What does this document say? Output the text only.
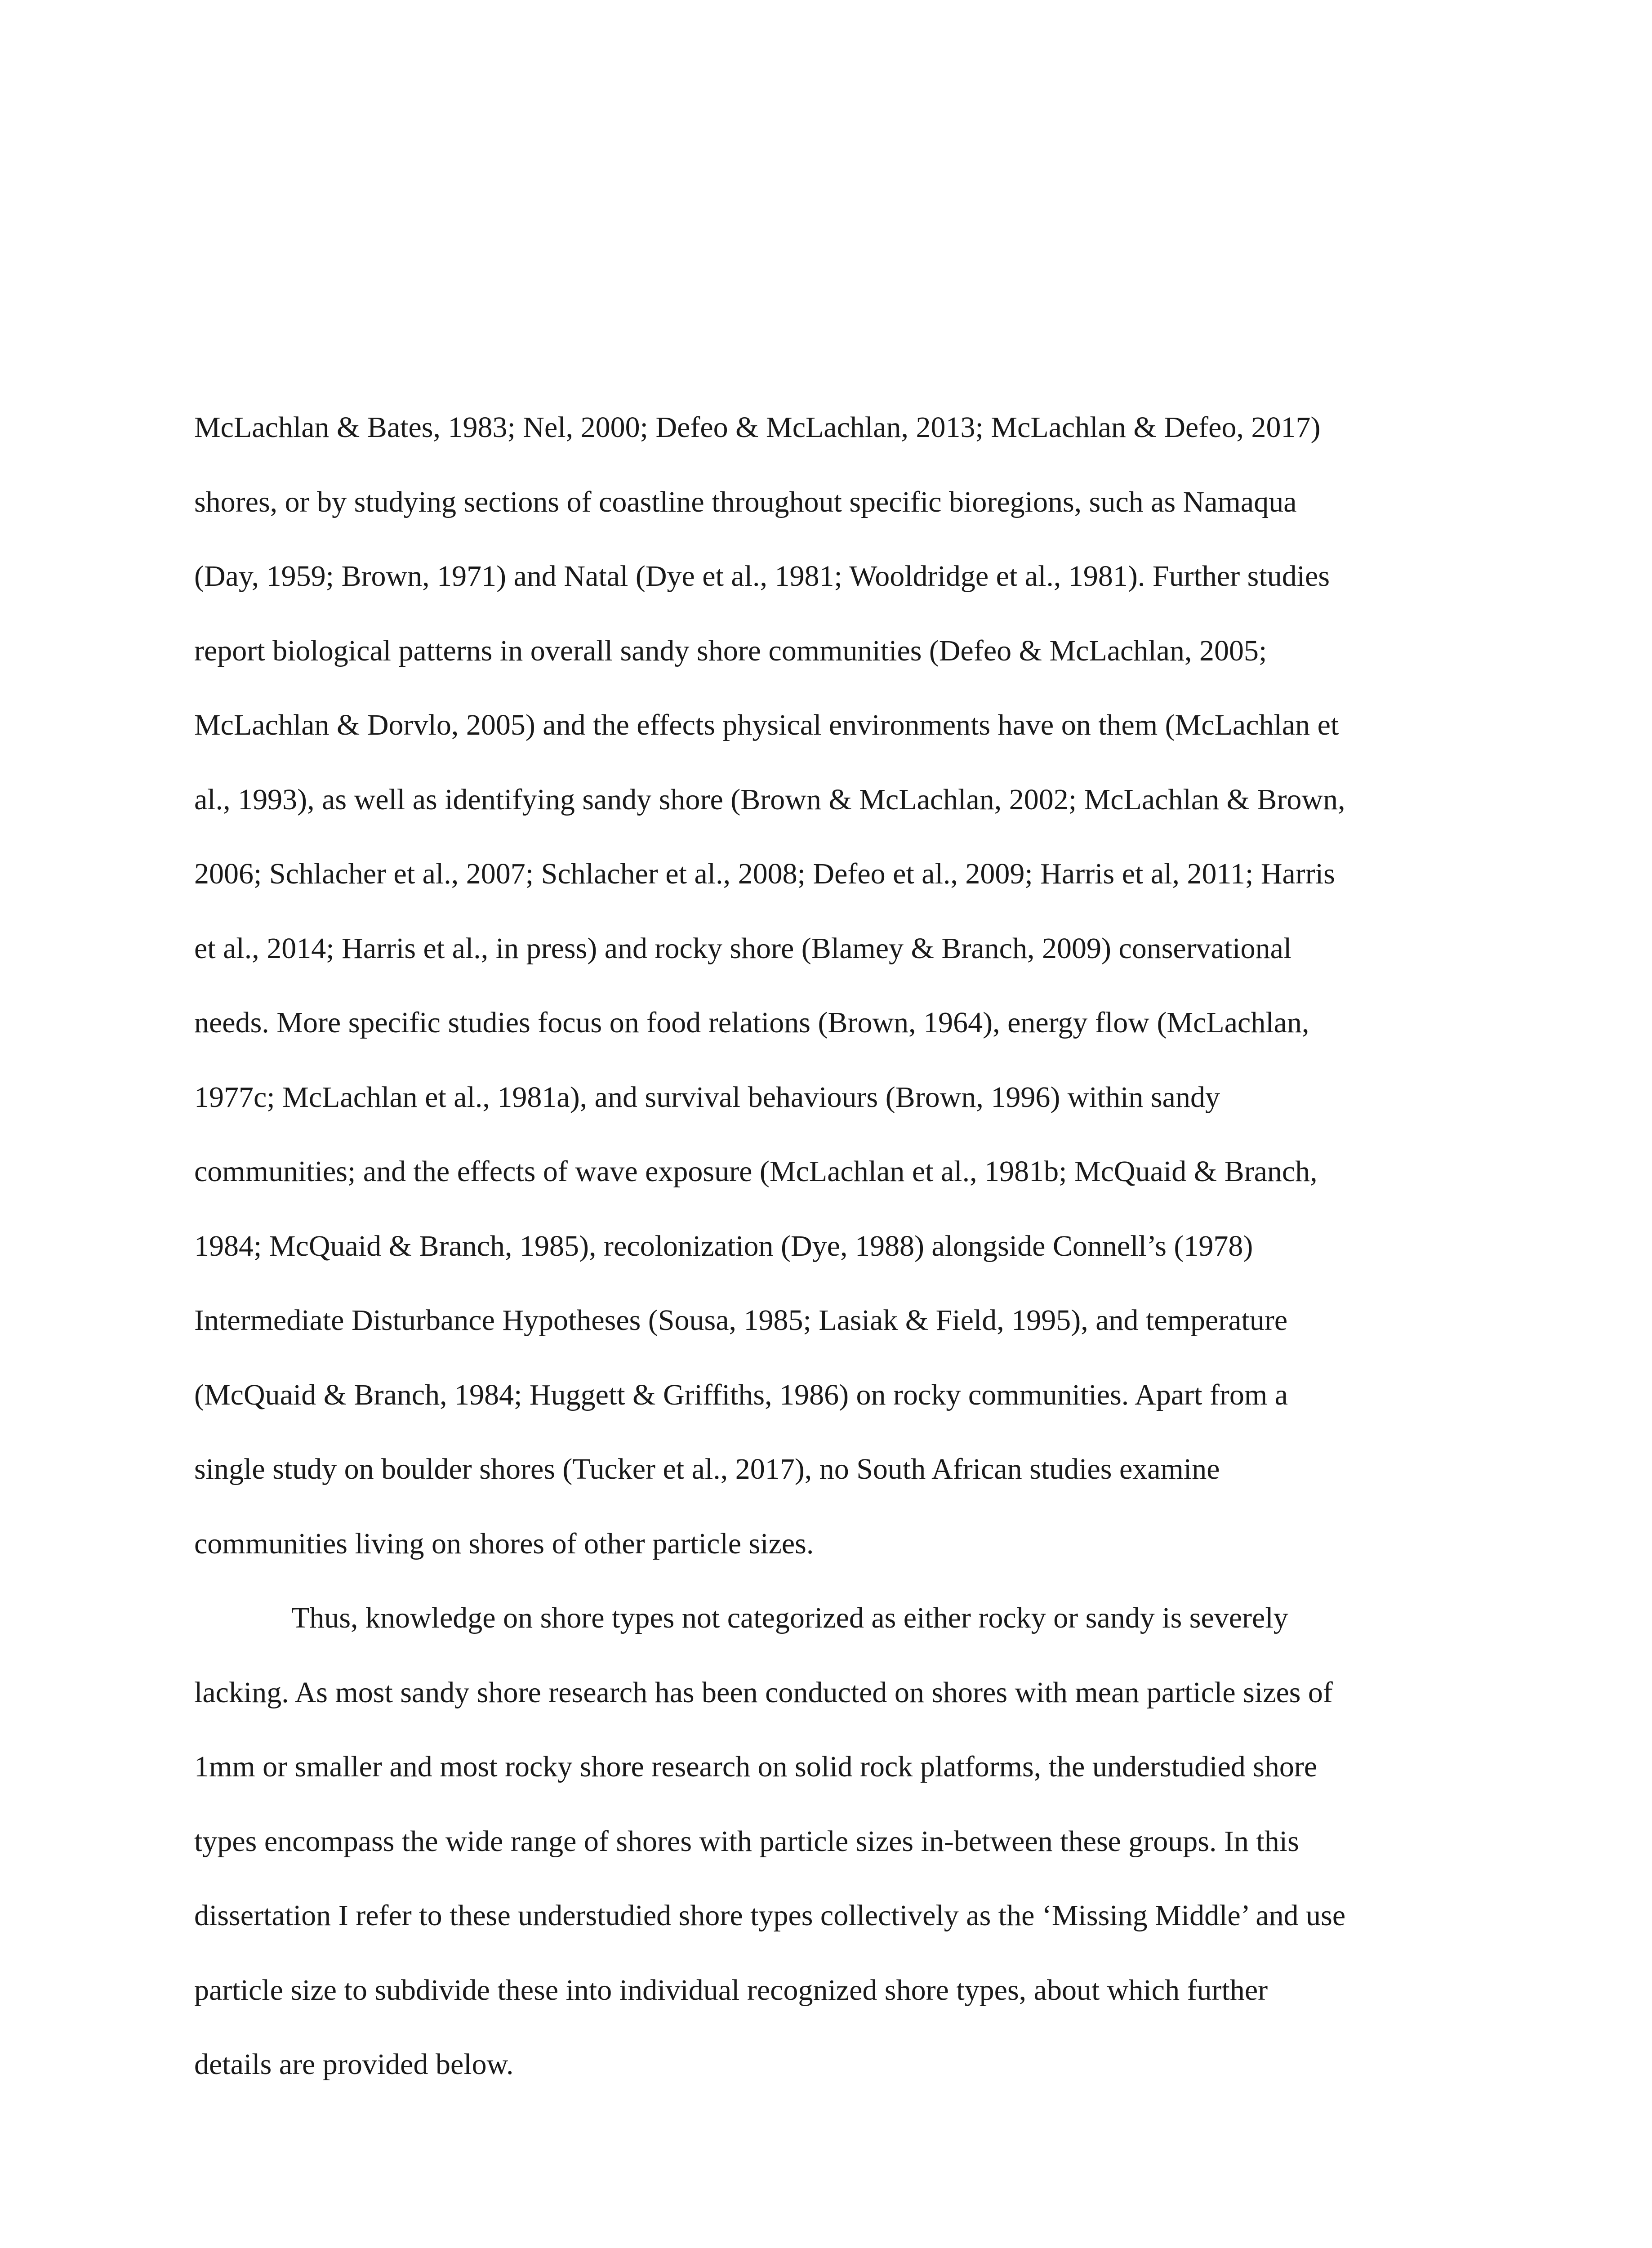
McLachlan & Bates, 1983; Nel, 2000; Defeo & McLachlan, 2013; McLachlan & Defeo, 2017)
shores, or by studying sections of coastline throughout specific bioregions, such as Namaqua
(Day, 1959; Brown, 1971) and Natal (Dye et al., 1981; Wooldridge et al., 1981). Further studies
report biological patterns in overall sandy shore communities (Defeo & McLachlan, 2005;
McLachlan & Dorvlo, 2005) and the effects physical environments have on them (McLachlan et
al., 1993), as well as identifying sandy shore (Brown & McLachlan, 2002; McLachlan & Brown,
2006; Schlacher et al., 2007; Schlacher et al., 2008; Defeo et al., 2009; Harris et al, 2011; Harris
et al., 2014; Harris et al., in press) and rocky shore (Blamey & Branch, 2009) conservational
needs. More specific studies focus on food relations (Brown, 1964), energy flow (McLachlan,
1977c; McLachlan et al., 1981a), and survival behaviours (Brown, 1996) within sandy
communities; and the effects of wave exposure (McLachlan et al., 1981b; McQuaid & Branch,
1984; McQuaid & Branch, 1985), recolonization (Dye, 1988) alongside Connell’s (1978)
Intermediate Disturbance Hypotheses (Sousa, 1985; Lasiak & Field, 1995), and temperature
(McQuaid & Branch, 1984; Huggett & Griffiths, 1986) on rocky communities. Apart from a
single study on boulder shores (Tucker et al., 2017), no South African studies examine
communities living on shores of other particle sizes.

Thus, knowledge on shore types not categorized as either rocky or sandy is severely
lacking. As most sandy shore research has been conducted on shores with mean particle sizes of
1mm or smaller and most rocky shore research on solid rock platforms, the understudied shore
types encompass the wide range of shores with particle sizes in-between these groups. In this
dissertation I refer to these understudied shore types collectively as the ‘Missing Middle’ and use
particle size to subdivide these into individual recognized shore types, about which further
details are provided below.
